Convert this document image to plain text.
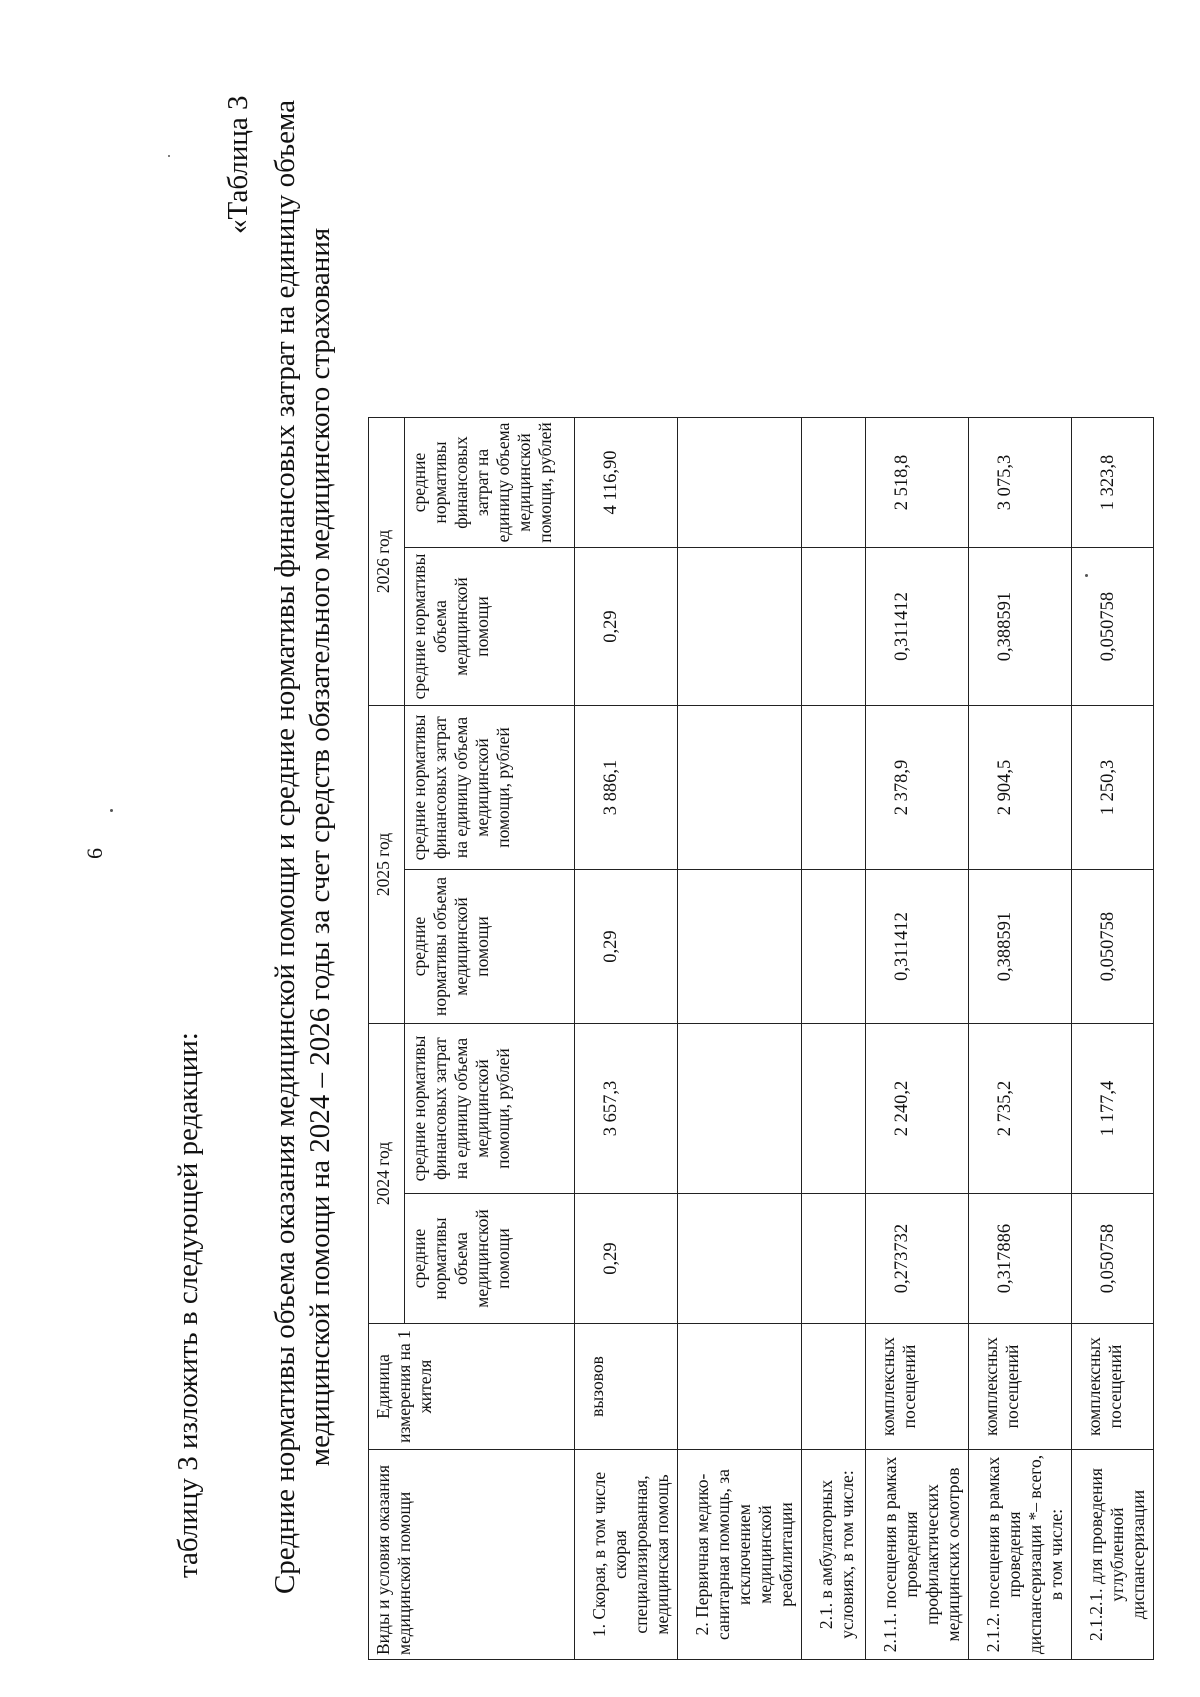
6
таблицу 3 изложить в следующей редакции:
«Таблица 3 Средние нормативы объема оказания медицинской помощи и средние нормативы финансовых затрат на единицу объема медицинской помощи на 2024 – 2026 годы за счет средств обязательного медицинского страхования
Виды и условия оказания медицинской помощи	Единица измерения на 1 жителя	2024 год		2025 год		2026 год	
		средние нормативы объема медицинской помощи	средние нормативы финансовых затрат на единицу объема медицинской помощи, рублей	средние нормативы объема медицинской помощи	средние нормативы финансовых затрат на единицу объема медицинской помощи, рублей	средние нормативы объема медицинской помощи	средние нормативы финансовых затрат на единицу объема медицинской помощи, рублей
1. Скорая, в том числе скорая специализированная, медицинская помощь	вызовов	0,29	3 657,3	0,29	3 886,1	0,29	4 116,90
2. Первичная медико-санитарная помощь, за исключением медицинской реабилитации							
2.1. в амбулаторных условиях, в том числе:							
2.1.1. посещения в рамках проведения профилактических медицинских осмотров	комплексных посещений	0,273732	2 240,2	0,311412	2 378,9	0,311412	2 518,8
2.1.2. посещения в рамках проведения диспансеризации *– всего, в том числе:	комплексных посещений	0,317886	2 735,2	0,388591	2 904,5	0,388591	3 075,3
2.1.2.1. для проведения углубленной диспансеризации	комплексных посещений	0,050758	1 177,4	0,050758	1 250,3	0,050758	1 323,8
